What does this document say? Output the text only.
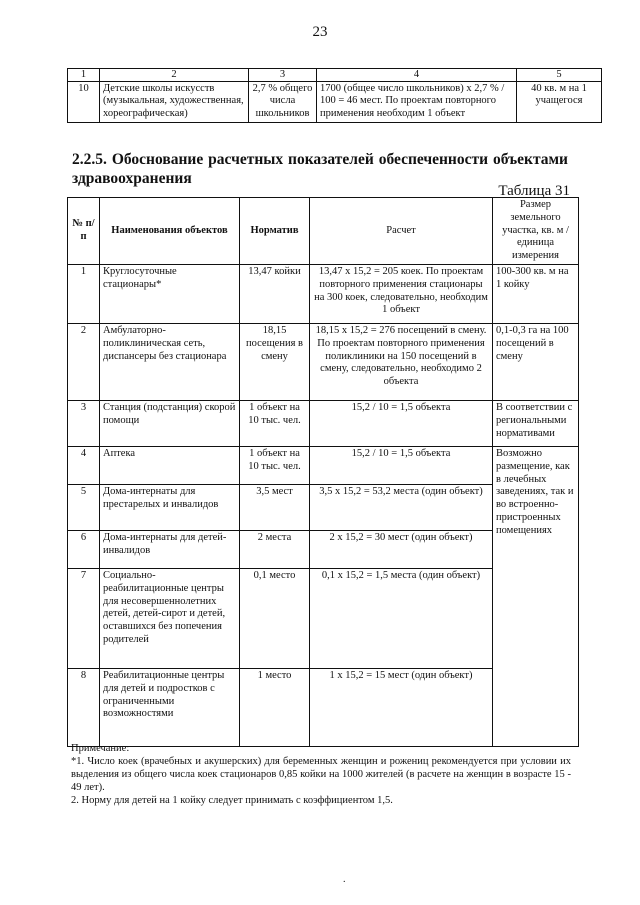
23
1	2	3	4	5
10	Детские школы искусств (музыкальная, художественная, хореографическая)	2,7 % общего числа школьников	1700 (общее число школьников) х 2,7 % / 100 = 46 мест. По проектам повторного применения необходим 1 объект	40 кв. м на 1 учащегося
2.2.5. Обоснование расчетных показателей обеспеченности объектами здравоохранения
Таблица 31
№ п/п	Наименования объектов	Норматив	Расчет	Размер земельного участка, кв. м / единица измерения
1	Круглосуточные стационары*	13,47 койки	13,47 х 15,2 = 205 коек. По проектам повторного применения стационары на 300 коек, следовательно, необходим 1 объект	100-300 кв. м на 1 койку
2	Амбулаторно-поликлиническая сеть, диспансеры без стационара	18,15 посещения в смену	18,15 х 15,2 = 276 посещений в смену. По проектам повторного применения поликлиники на 150 посещений в смену, следовательно, необходимо 2 объекта	0,1-0,3 га на 100 посещений в смену
3	Станция (подстанция) скорой помощи	1 объект на 10 тыс. чел.	15,2 / 10 = 1,5 объекта	В соответствии с региональными нормативами
4	Аптека	1 объект на 10 тыс. чел.	15,2 / 10 = 1,5 объекта	Возможно размещение, как в лечебных заведениях, так и во встроенно-пристроенных помещениях
5	Дома-интернаты для престарелых и инвалидов	3,5 мест	3,5 х 15,2 = 53,2 места (один объект)	
6	Дома-интернаты для детей-инвалидов	2 места	2 х 15,2 = 30 мест (один объект)	
7	Социально-реабилитационные центры для несовершеннолетних детей, детей-сирот и детей, оставшихся без попечения родителей	0,1 место	0,1 х 15,2 = 1,5 места (один объект)	
8	Реабилитационные центры для детей и подростков с ограниченными возможностями	1 место	1 х 15,2 = 15 мест (один объект)	

Примечание:

*1. Число коек (врачебных и акушерских) для беременных женщин и рожениц рекомендуется при условии их выделения из общего числа коек стационаров 0,85 койки на 1000 жителей (в расчете на женщин в возрасте 15 - 49 лет).

2. Норму для детей на 1 койку следует принимать с коэффициентом 1,5.

.
